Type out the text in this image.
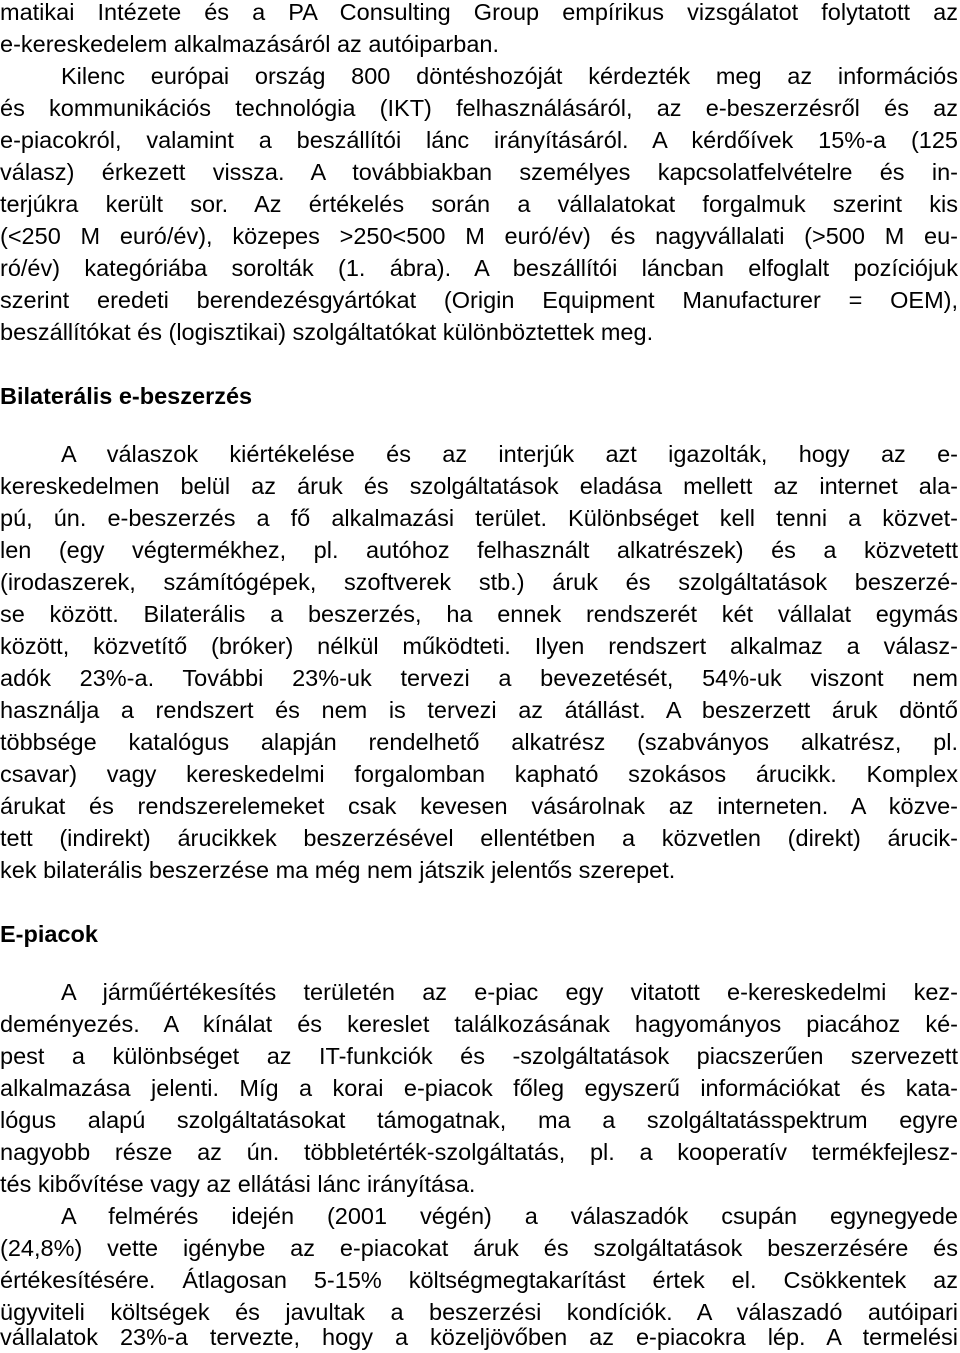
matikai Intézete és a PA Consulting Group empírikus vizsgálatot folytatott az
e-kereskedelem alkalmazásáról az autóiparban.
Kilenc európai ország 800 döntéshozóját kérdezték meg az információs
és kommunikációs technológia (IKT) felhasználásáról, az e-beszerzésről és az
e-piacokról, valamint a beszállítói lánc irányításáról. A kérdőívek 15%-a (125
válasz) érkezett vissza. A továbbiakban személyes kapcsolatfelvételre és in-
terjúkra került sor. Az értékelés során a vállalatokat forgalmuk szerint kis
(<250 M euró/év), közepes >250<500 M euró/év) és nagyvállalati (>500 M eu-
ró/év) kategóriába sorolták (1. ábra). A beszállítói láncban elfoglalt pozíciójuk
szerint eredeti berendezésgyártókat (Origin Equipment Manufacturer = OEM),
beszállítókat és (logisztikai) szolgáltatókat különböztettek meg.
Bilaterális e-beszerzés
A válaszok kiértékelése és az interjúk azt igazolták, hogy az e-
kereskedelmen belül az áruk és szolgáltatások eladása mellett az internet ala-
pú, ún. e-beszerzés a fő alkalmazási terület. Különbséget kell tenni a közvet-
len (egy végtermékhez, pl. autóhoz felhasznált alkatrészek) és a közvetett
(irodaszerek, számítógépek, szoftverek stb.) áruk és szolgáltatások beszerzé-
se között. Bilaterális a beszerzés, ha ennek rendszerét két vállalat egymás
között, közvetítő (bróker) nélkül működteti. Ilyen rendszert alkalmaz a válasz-
adók 23%-a. További 23%-uk tervezi a bevezetését, 54%-uk viszont nem
használja a rendszert és nem is tervezi az átállást. A beszerzett áruk döntő
többsége katalógus alapján rendelhető alkatrész (szabványos alkatrész, pl.
csavar) vagy kereskedelmi forgalomban kapható szokásos árucikk. Komplex
árukat és rendszerelemeket csak kevesen vásárolnak az interneten. A közve-
tett (indirekt) árucikkek beszerzésével ellentétben a közvetlen (direkt) árucik-
kek bilaterális beszerzése ma még nem játszik jelentős szerepet.
E-piacok
A járműértékesítés területén az e-piac egy vitatott e-kereskedelmi kez-
deményezés. A kínálat és kereslet találkozásának hagyományos piacához ké-
pest a különbséget az IT-funkciók és -szolgáltatások piacszerűen szervezett
alkalmazása jelenti. Míg a korai e-piacok főleg egyszerű információkat és kata-
lógus alapú szolgáltatásokat támogatnak, ma a szolgáltatásspektrum egyre
nagyobb része az ún. többletérték-szolgáltatás, pl. a kooperatív termékfejlesz-
tés kibővítése vagy az ellátási lánc irányítása.
A felmérés idején (2001 végén) a válaszadók csupán egynegyede
(24,8%) vette igénybe az e-piacokat áruk és szolgáltatások beszerzésére és
értékesítésére. Átlagosan 5-15% költségmegtakarítást értek el. Csökkentek az
ügyviteli költségek és javultak a beszerzési kondíciók. A válaszadó autóipari
vállalatok 23%-a tervezte, hogy a közeljövőben az e-piacokra lép. A termelési
